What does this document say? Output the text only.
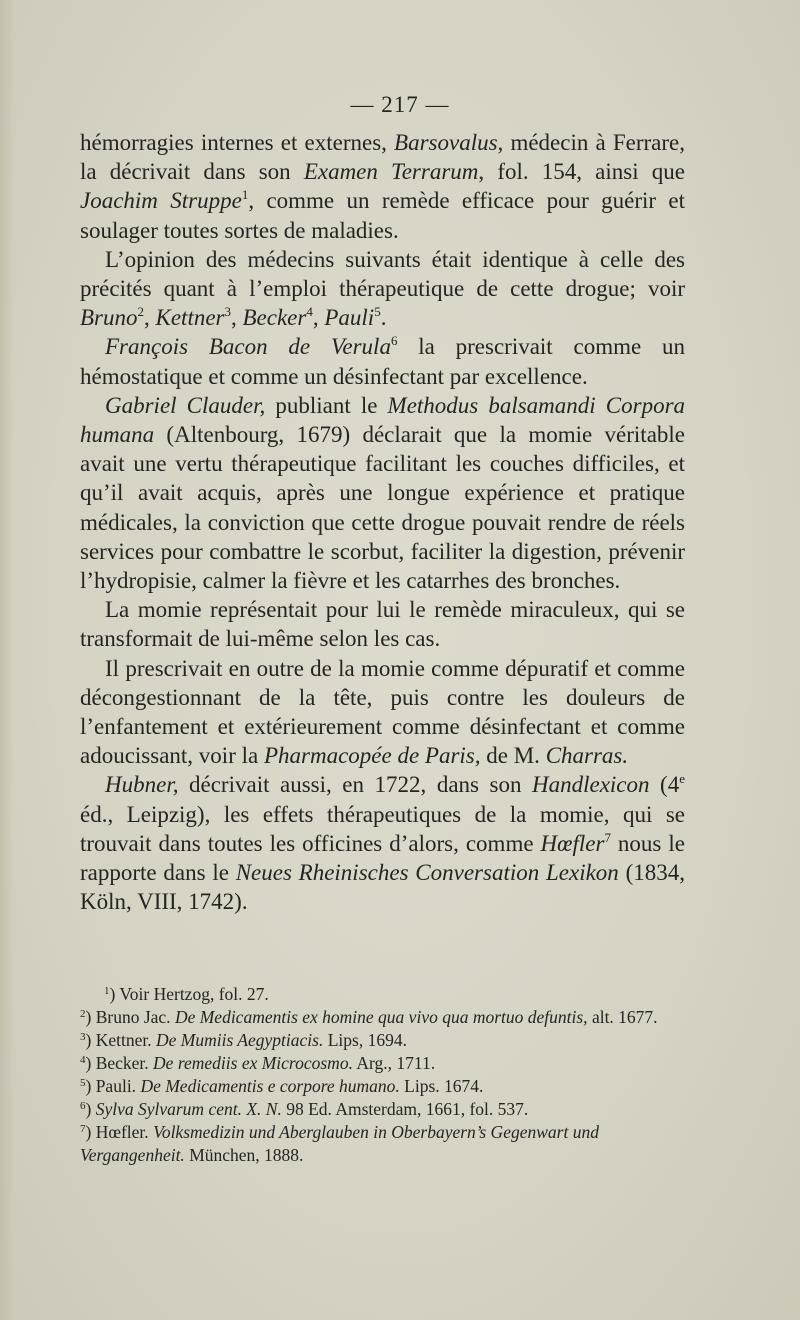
— 217 —

hémorragies internes et externes, Barsovalus, médecin à Ferrare, la décrivait dans son Examen Terrarum, fol. 154, ainsi que Joachim Struppe$^1$, comme un remède efficace pour guérir et soulager toutes sortes de maladies.

L’opinion des médecins suivants était identique à celle des précités quant à l’emploi thérapeutique de cette drogue; voir Bruno$^2$, Kettner$^3$, Becker$^4$, Pauli$^5$.

François Bacon de Verula$^6$ la prescrivait comme un hémostatique et comme un désinfectant par excellence.

Gabriel Clauder, publiant le Methodus balsamandi Corpora humana (Altenbourg, 1679) déclarait que la momie véritable avait une vertu thérapeutique facilitant les couches difficiles, et qu’il avait acquis, après une longue expérience et pratique médicales, la conviction que cette drogue pouvait rendre de réels services pour combattre le scorbut, faciliter la digestion, prévenir l’hydropisie, calmer la fièvre et les catarrhes des bronches.

La momie représentait pour lui le remède miraculeux, qui se transformait de lui-même selon les cas.

Il prescrivait en outre de la momie comme dépuratif et comme décongestionnant de la tête, puis contre les douleurs de l’enfantement et extérieurement comme désinfectant et comme adoucissant, voir la Pharmacopée de Paris, de M. Charras.

Hubner, décrivait aussi, en 1722, dans son Handlexicon (4e éd., Leipzig), les effets thérapeutiques de la momie, qui se trouvait dans toutes les officines d’alors, comme Hœfler$^7$ nous le rapporte dans le Neues Rheinisches Conversation Lexikon (1834, Köln, VIII, 1742).

$^1$) Voir Hertzog, fol. 27.
$^2$) Bruno Jac. De Medicamentis ex homine qua vivo qua mortuo defuntis, alt. 1677.
$^3$) Kettner. De Mumiis Aegyptiacis. Lips, 1694.
$^4$) Becker. De remediis ex Microcosmo. Arg., 1711.
$^5$) Pauli. De Medicamentis e corpore humano. Lips. 1674.
$^6$) Sylva Sylvarum cent. X. N. 98 Ed. Amsterdam, 1661, fol. 537.
$^7$) Hœfler. Volksmedizin und Aberglauben in Oberbayern’s Gegenwart und Vergangenheit. München, 1888.
